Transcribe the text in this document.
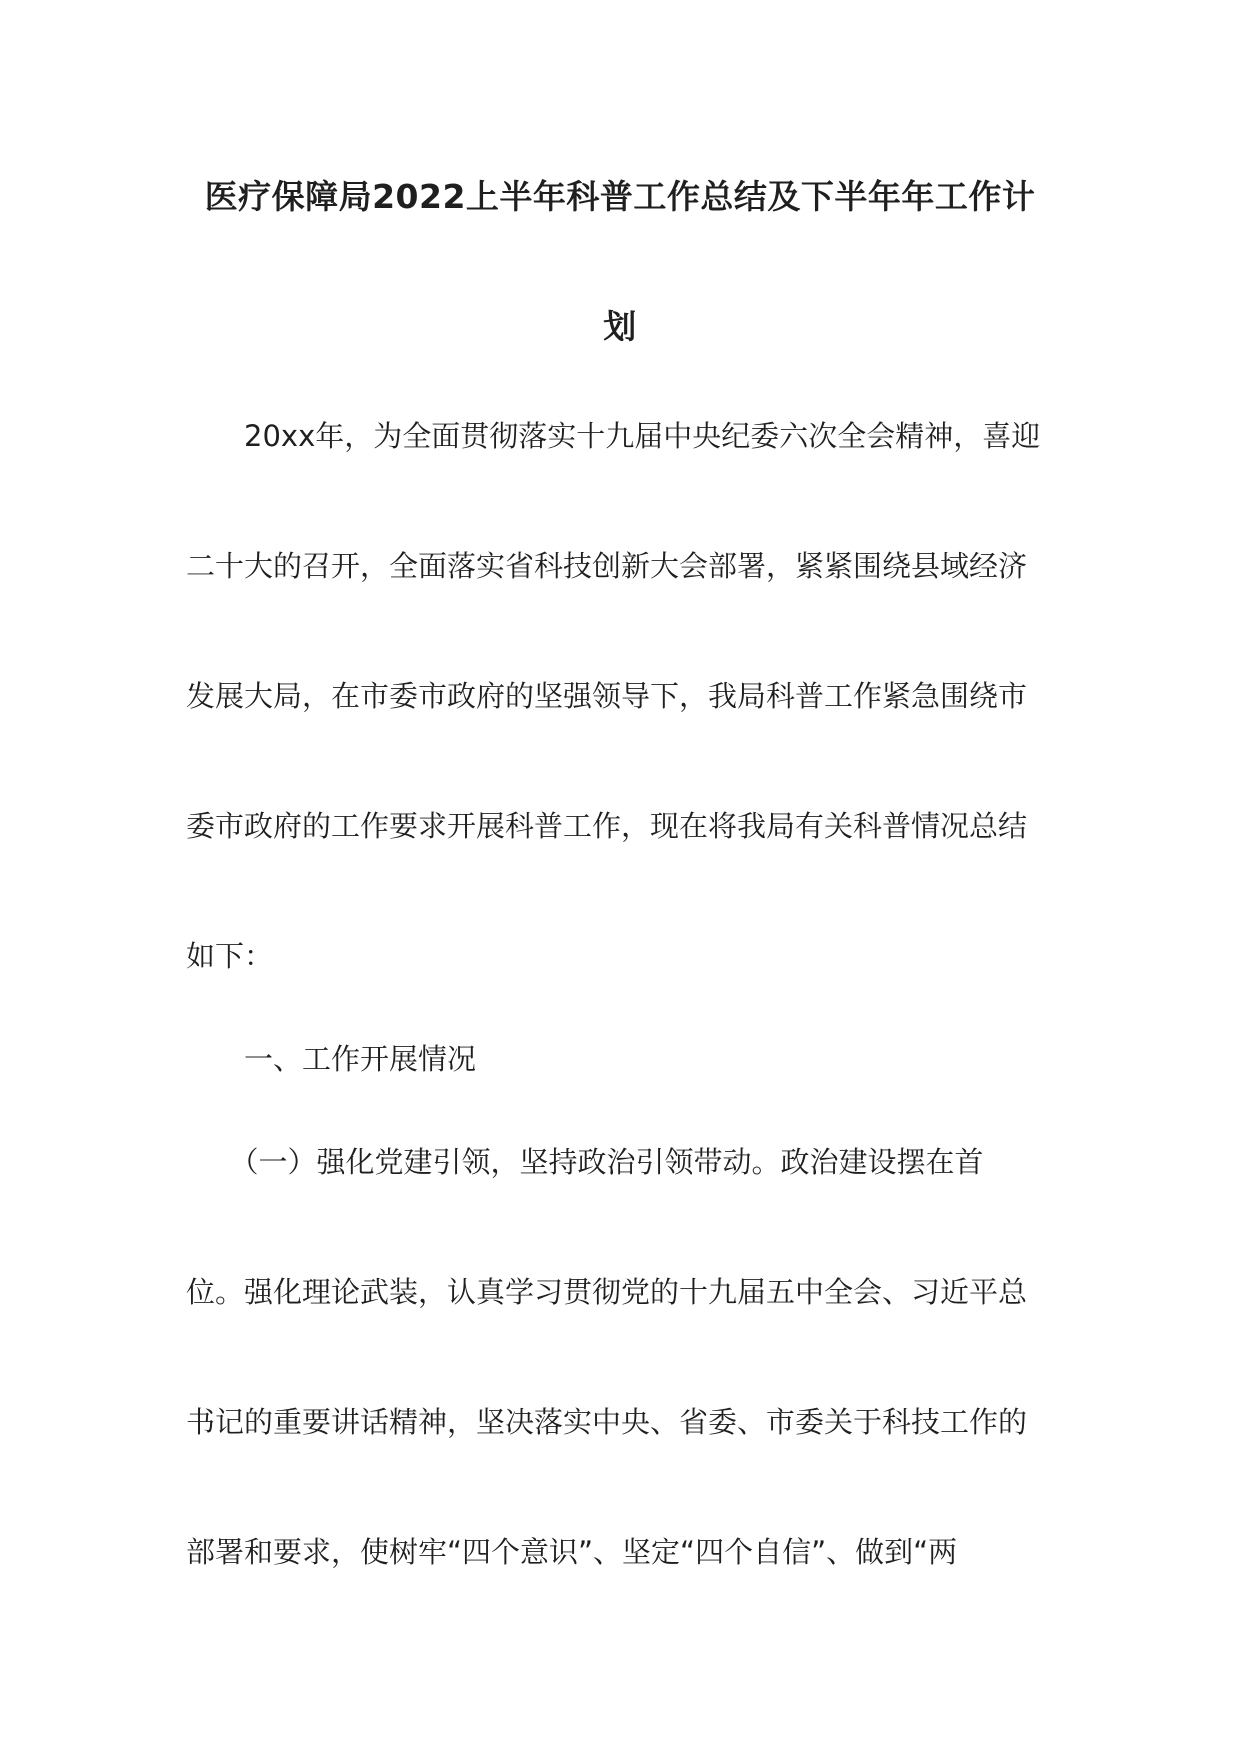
医疗保障局2022上半年科普工作总结及下半年年工作计
划
　　20xx年，为全面贯彻落实十九届中央纪委六次全会精神，喜迎
二十大的召开，全面落实省科技创新大会部署，紧紧围绕县域经济
发展大局，在市委市政府的坚强领导下，我局科普工作紧急围绕市
委市政府的工作要求开展科普工作，现在将我局有关科普情况总结
如下：
　　一、工作开展情况
　　（一）强化党建引领，坚持政治引领带动。政治建设摆在首
位。强化理论武装，认真学习贯彻党的十九届五中全会、习近平总
书记的重要讲话精神，坚决落实中央、省委、市委关于科技工作的
部署和要求，使树牢“四个意识”、坚定“四个自信”、做到“两
